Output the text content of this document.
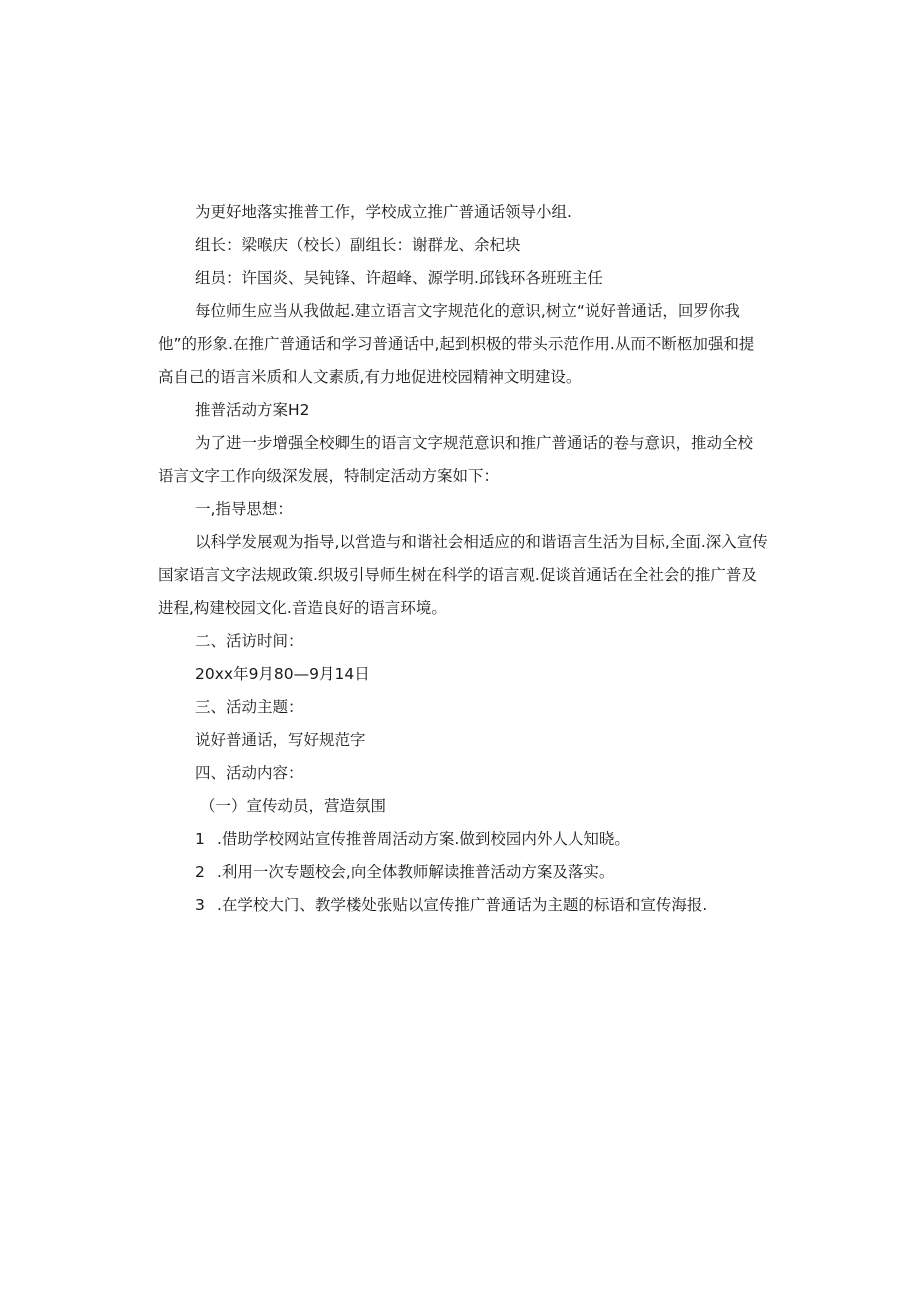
为更好地落实推普工作，学校成立推广普通话领导小组.

组长：梁喉庆（校长）副组长：谢群龙、余杞块

组员：许国炎、吴钝锋、许超峰、源学明.邱钱环各班班主任

每位师生应当从我做起.建立语言文字规范化的意识,树立“说好普通话，回罗你我他”的形象.在推广普通话和学习普通话中,起到枳极的带头示范作用.从而不断柩加强和提高自己的语言米质和人文素质,有力地促进校园精神文明建设。

推普活动方案H2

为了进一步增强全校卿生的语言文字规范意识和推广普通话的卷与意识，推动全校语言文字工作向级深发展，特制定活动方案如下：

一,指导思想：

以科学发展观为指导,以営造与和谐社会相适应的和谐语言生活为目标,全面.深入宣传国家语言文字法规政策.织圾引导师生树在科学的语言观.促谈首通话在全社会的推广普及进程,构建校园文化.音造良好的语言环境。

二、活访时间：

20xx年9月80—9月14日

三、活动主题：

说好普通话，写好规范字

四、活动内容：

（一）宣传动员，营造氛围

1 .借助学校网站宣传推普周活动方案.做到校园内外人人知晓。

2 .利用一次专题校会,向全体教师解读推普活动方案及落实。

3 .在学校大门、教学楼处张贴以宣传推广普通话为主题的标语和宣传海报.
